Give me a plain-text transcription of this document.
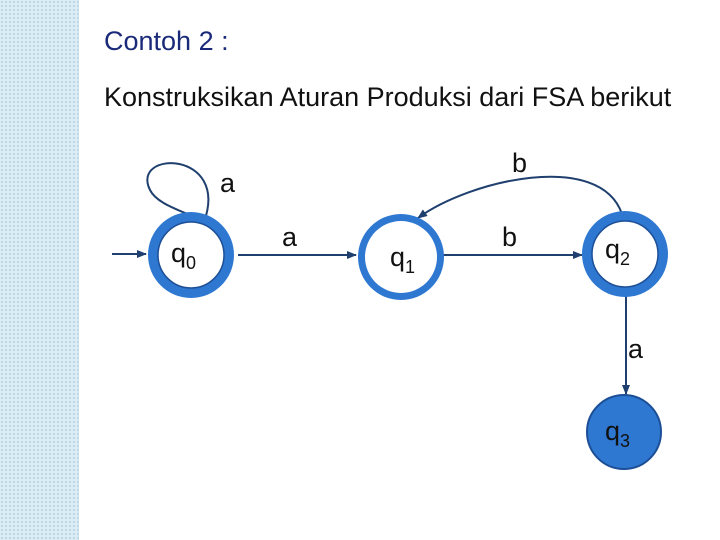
Contoh 2 :
Konstruksikan Aturan Produksi dari FSA berikut
a
a	b
b
a
q0	q1
q2
q3
